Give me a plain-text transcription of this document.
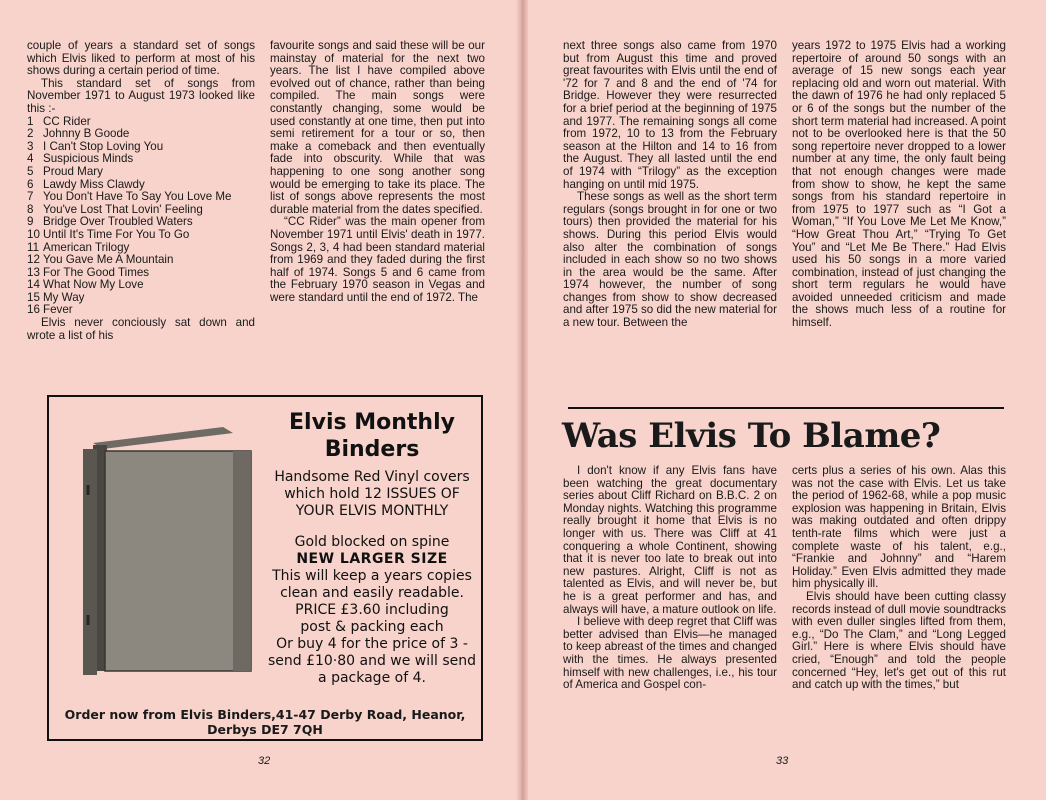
couple of years a standard set of songs which Elvis liked to perform at most of his shows during a certain period of time.

This standard set of songs from November 1971 to August 1973 looked like this :-

1 CC Rider
2 Johnny B Goode
3 I Can't Stop Loving You
4 Suspicious Minds
5 Proud Mary
6 Lawdy Miss Clawdy
7 You Don't Have To Say You Love Me
8 You've Lost That Lovin' Feeling
9 Bridge Over Troubled Waters
10 Until It's Time For You To Go
11 American Trilogy
12 You Gave Me A Mountain
13 For The Good Times
14 What Now My Love
15 My Way
16 Fever

Elvis never conciously sat down and wrote a list of his

favourite songs and said these will be our mainstay of material for the next two years. The list I have compiled above evolved out of chance, rather than being compiled. The main songs were constantly changing, some would be used constantly at one time, then put into semi retirement for a tour or so, then make a comeback and then eventually fade into obscurity. While that was happening to one song another song would be emerging to take its place. The list of songs above represents the most durable material from the dates specified.

“CC Rider” was the main opener from November 1971 until Elvis' death in 1977. Songs 2, 3, 4 had been standard material from 1969 and they faded during the first half of 1974. Songs 5 and 6 came from the February 1970 season in Vegas and were standard until the end of 1972. The

Elvis Monthly
Binders
Handsome Red Vinyl covers
which hold 12 ISSUES OF
YOUR ELVIS MONTHLY
Gold blocked on spine
NEW LARGER SIZE
This will keep a years copies
clean and easily readable.
PRICE £3.60 including
post & packing each
Or buy 4 for the price of 3 -
send £10·80 and we will send
a package of 4.
Order now from Elvis Binders,41-47 Derby Road, Heanor, Derbys DE7 7QH
32

next three songs also came from 1970 but from August this time and proved great favourites with Elvis until the end of '72 for 7 and 8 and the end of '74 for Bridge. However they were resurrected for a brief period at the beginning of 1975 and 1977. The remaining songs all come from 1972, 10 to 13 from the February season at the Hilton and 14 to 16 from the August. They all lasted until the end of 1974 with “Trilogy” as the exception hanging on until mid 1975.

These songs as well as the short term regulars (songs brought in for one or two tours) then provided the material for his shows. During this period Elvis would also alter the combination of songs included in each show so no two shows in the area would be the same. After 1974 however, the number of song changes from show to show decreased and after 1975 so did the new material for a new tour. Between the

years 1972 to 1975 Elvis had a working repertoire of around 50 songs with an average of 15 new songs each year replacing old and worn out material. With the dawn of 1976 he had only replaced 5 or 6 of the songs but the number of the short term material had increased. A point not to be overlooked here is that the 50 song repertoire never dropped to a lower number at any time, the only fault being that not enough changes were made from show to show, he kept the same songs from his standard repertoire in from 1975 to 1977 such as “I Got a Woman,” “If You Love Me Let Me Know,” “How Great Thou Art,” “Trying To Get You” and “Let Me Be There.” Had Elvis used his 50 songs in a more varied combination, instead of just changing the short term regulars he would have avoided unneeded criticism and made the shows much less of a routine for himself.

Was Elvis To Blame?

I don't know if any Elvis fans have been watching the great documentary series about Cliff Richard on B.B.C. 2 on Monday nights. Watching this programme really brought it home that Elvis is no longer with us. There was Cliff at 41 conquering a whole Continent, showing that it is never too late to break out into new pastures. Alright, Cliff is not as talented as Elvis, and will never be, but he is a great performer and has, and always will have, a mature outlook on life.

I believe with deep regret that Cliff was better advised than Elvis—he managed to keep abreast of the times and changed with the times. He always presented himself with new challenges, i.e., his tour of America and Gospel con-

certs plus a series of his own. Alas this was not the case with Elvis. Let us take the period of 1962-68, while a pop music explosion was happening in Britain, Elvis was making outdated and often drippy tenth-rate films which were just a complete waste of his talent, e.g., “Frankie and Johnny” and “Harem Holiday.” Even Elvis admitted they made him physically ill.

Elvis should have been cutting classy records instead of dull movie soundtracks with even duller singles lifted from them, e.g., “Do The Clam,” and “Long Legged Girl.” Here is where Elvis should have cried, “Enough” and told the people concerned “Hey, let's get out of this rut and catch up with the times,” but

33
